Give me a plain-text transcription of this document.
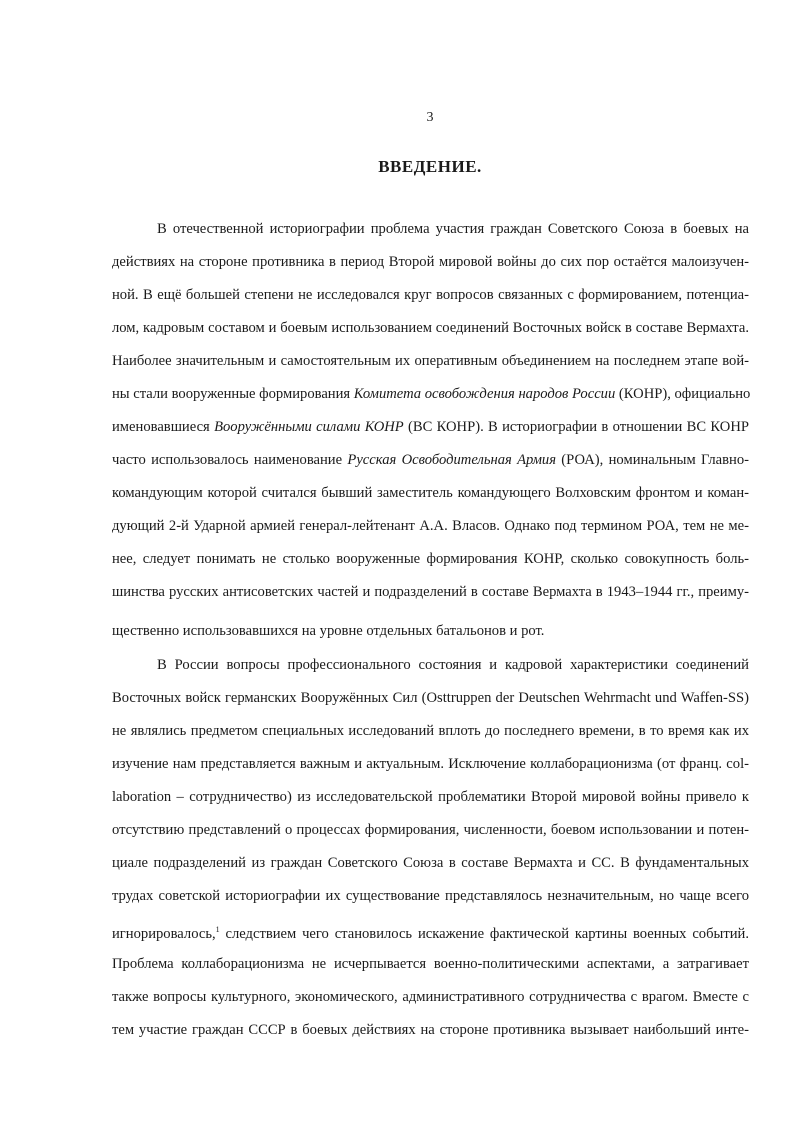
3
ВВЕДЕНИЕ.
В отечественной историографии проблема участия граждан Советского Союза в боевых на
действиях на стороне противника в период Второй мировой войны до сих пор остаётся малоизучен-
ной. В ещё большей степени не исследовался круг вопросов связанных с формированием, потенциа-
лом, кадровым составом и боевым использованием соединений Восточных войск в составе Вермахта.
Наиболее значительным и самостоятельным их оперативным объединением на последнем этапе вой-
ны стали вооруженные формирования Комитета освобождения народов России (КОНР), официально
именовавшиеся Вооружёнными силами КОНР (ВС КОНР). В историографии в отношении ВС КОНР
часто использовалось наименование Русская Освободительная Армия (РОА), номинальным Главно-
командующим которой считался бывший заместитель командующего Волховским фронтом и коман-
дующий 2-й Ударной армией генерал-лейтенант А.А. Власов. Однако под термином РОА, тем не ме-
нее, следует понимать не столько вооруженные формирования КОНР, сколько совокупность боль-
шинства русских антисоветских частей и подразделений в составе Вермахта в 1943–1944 гг., преиму-
щественно использовавшихся на уровне отдельных батальонов и рот.
В России вопросы профессионального состояния и кадровой характеристики соединений
Восточных войск германских Вооружённых Сил (Osttruppen der Deutschen Wehrmacht und Waffen-SS)
не являлись предметом специальных исследований вплоть до последнего времени, в то время как их
изучение нам представляется важным и актуальным. Исключение коллаборационизма (от франц. col-
laboration – сотрудничество) из исследовательской проблематики Второй мировой войны привело к
отсутствию представлений о процессах формирования, численности, боевом использовании и потен-
циале подразделений из граждан Советского Союза в составе Вермахта и СС. В фундаментальных
трудах советской историографии их существование представлялось незначительным, но чаще всего
игнорировалось,$^1$ следствием чего становилось искажение фактической картины военных событий.
Проблема коллаборационизма не исчерпывается военно-политическими аспектами, а затрагивает
также вопросы культурного, экономического, административного сотрудничества с врагом. Вместе с
тем участие граждан СССР в боевых действиях на стороне противника вызывает наибольший инте-
